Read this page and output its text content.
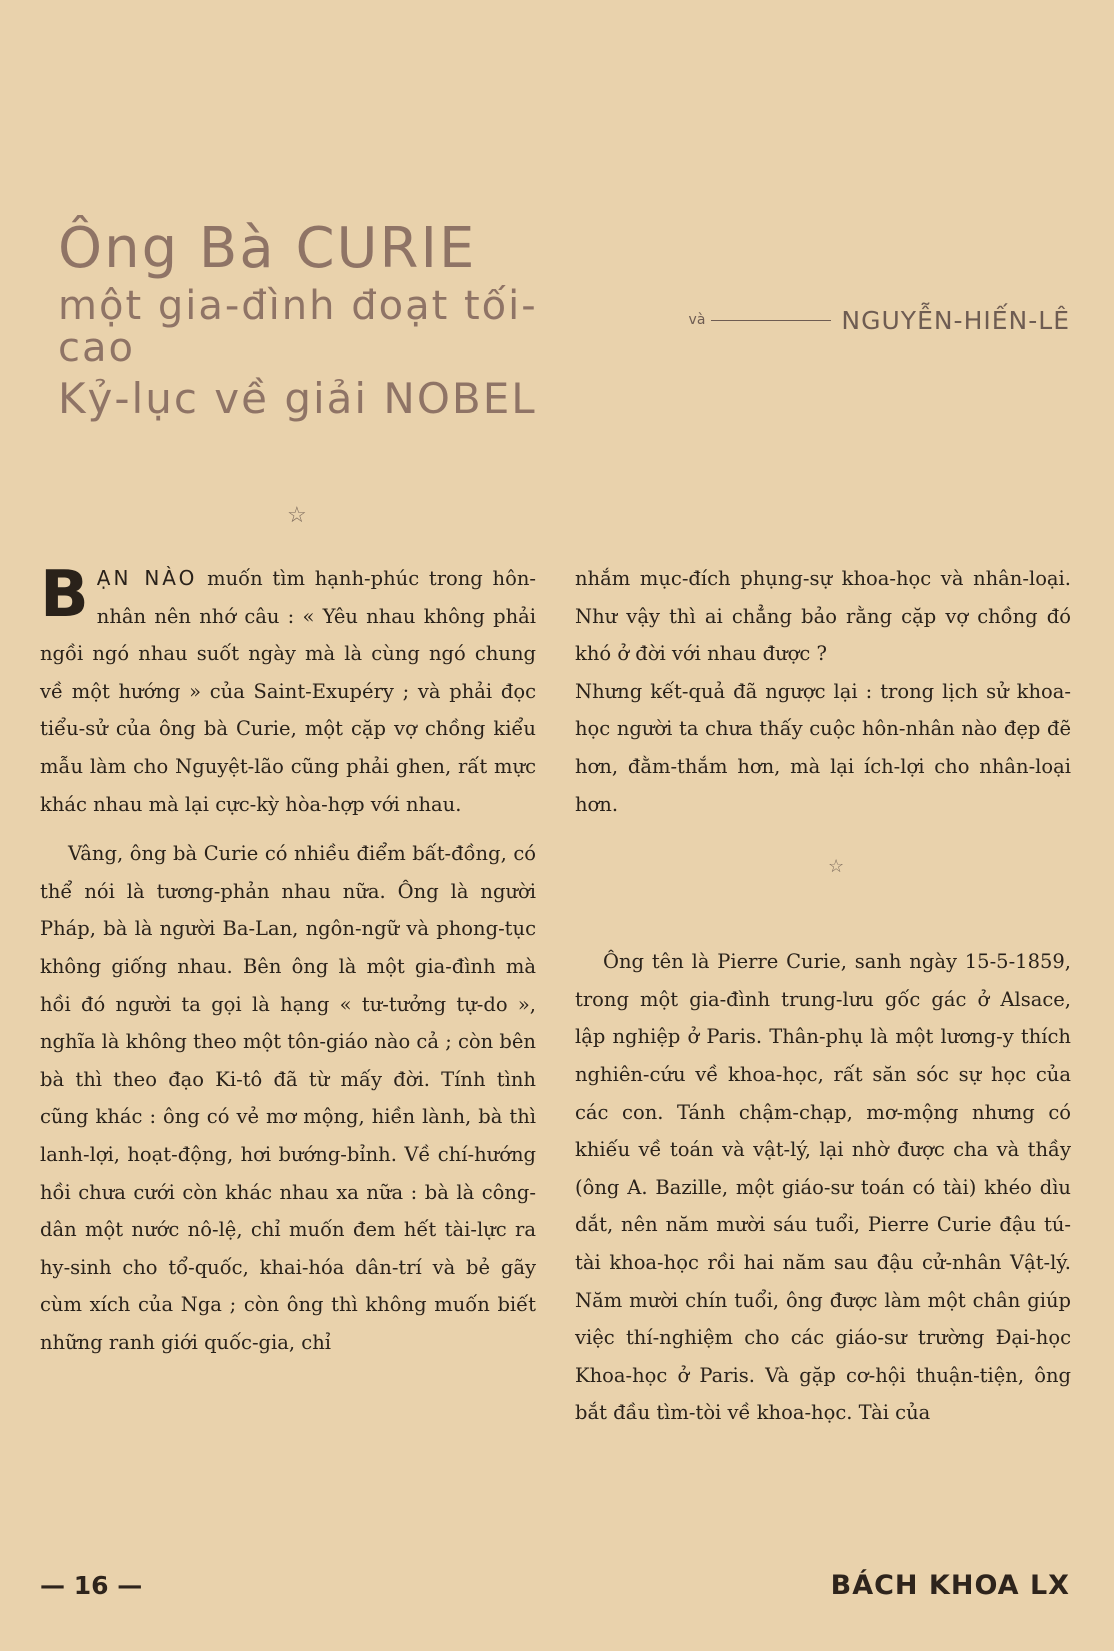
Ông Bà CURIE
một gia-đình đoạt tối-cao
Kỷ-lục về giải NOBEL
và	NGUYỄN-HIẾN-LÊ
☆

BẠN NÀO muốn tìm hạnh-phúc trong hôn-nhân nên nhớ câu : « Yêu nhau không phải ngồi ngó nhau suốt ngày mà là cùng ngó chung về một hướng » của Saint-Exupéry ; và phải đọc tiểu-sử của ông bà Curie, một cặp vợ chồng kiểu mẫu làm cho Nguyệt-lão cũng phải ghen, rất mực khác nhau mà lại cực-kỳ hòa-hợp với nhau.

Vâng, ông bà Curie có nhiều điểm bất-đồng, có thể nói là tương-phản nhau nữa. Ông là người Pháp, bà là người Ba-Lan, ngôn-ngữ và phong-tục không giống nhau. Bên ông là một gia-đình mà hồi đó người ta gọi là hạng « tư-tưởng tự-do », nghĩa là không theo một tôn-giáo nào cả ; còn bên bà thì theo đạo Ki-tô đã từ mấy đời. Tính tình cũng khác : ông có vẻ mơ mộng, hiền lành, bà thì lanh-lợi, hoạt-động, hơi bướng-bỉnh. Về chí-hướng hồi chưa cưới còn khác nhau xa nữa : bà là công-dân một nước nô-lệ, chỉ muốn đem hết tài-lực ra hy-sinh cho tổ-quốc, khai-hóa dân-trí và bẻ gãy cùm xích của Nga ; còn ông thì không muốn biết những ranh giới quốc-gia, chỉ

nhắm mục-đích phụng-sự khoa-học và nhân-loại. Như vậy thì ai chẳng bảo rằng cặp vợ chồng đó khó ở đời với nhau được ?

Nhưng kết-quả đã ngược lại : trong lịch sử khoa-học người ta chưa thấy cuộc hôn-nhân nào đẹp đẽ hơn, đằm-thắm hơn, mà lại ích-lợi cho nhân-loại hơn.

Ông tên là Pierre Curie, sanh ngày 15-5-1859, trong một gia-đình trung-lưu gốc gác ở Alsace, lập nghiệp ở Paris. Thân-phụ là một lương-y thích nghiên-cứu về khoa-học, rất săn sóc sự học của các con. Tánh chậm-chạp, mơ-mộng nhưng có khiếu về toán và vật-lý, lại nhờ được cha và thầy (ông A. Bazille, một giáo-sư toán có tài) khéo dìu dắt, nên năm mười sáu tuổi, Pierre Curie đậu tú-tài khoa-học rồi hai năm sau đậu cử-nhân Vật-lý. Năm mười chín tuổi, ông được làm một chân giúp việc thí-nghiệm cho các giáo-sư trường Đại-học Khoa-học ở Paris. Và gặp cơ-hội thuận-tiện, ông bắt đầu tìm-tòi về khoa-học. Tài của

☆
— 16 —	BÁCH KHOA LX
